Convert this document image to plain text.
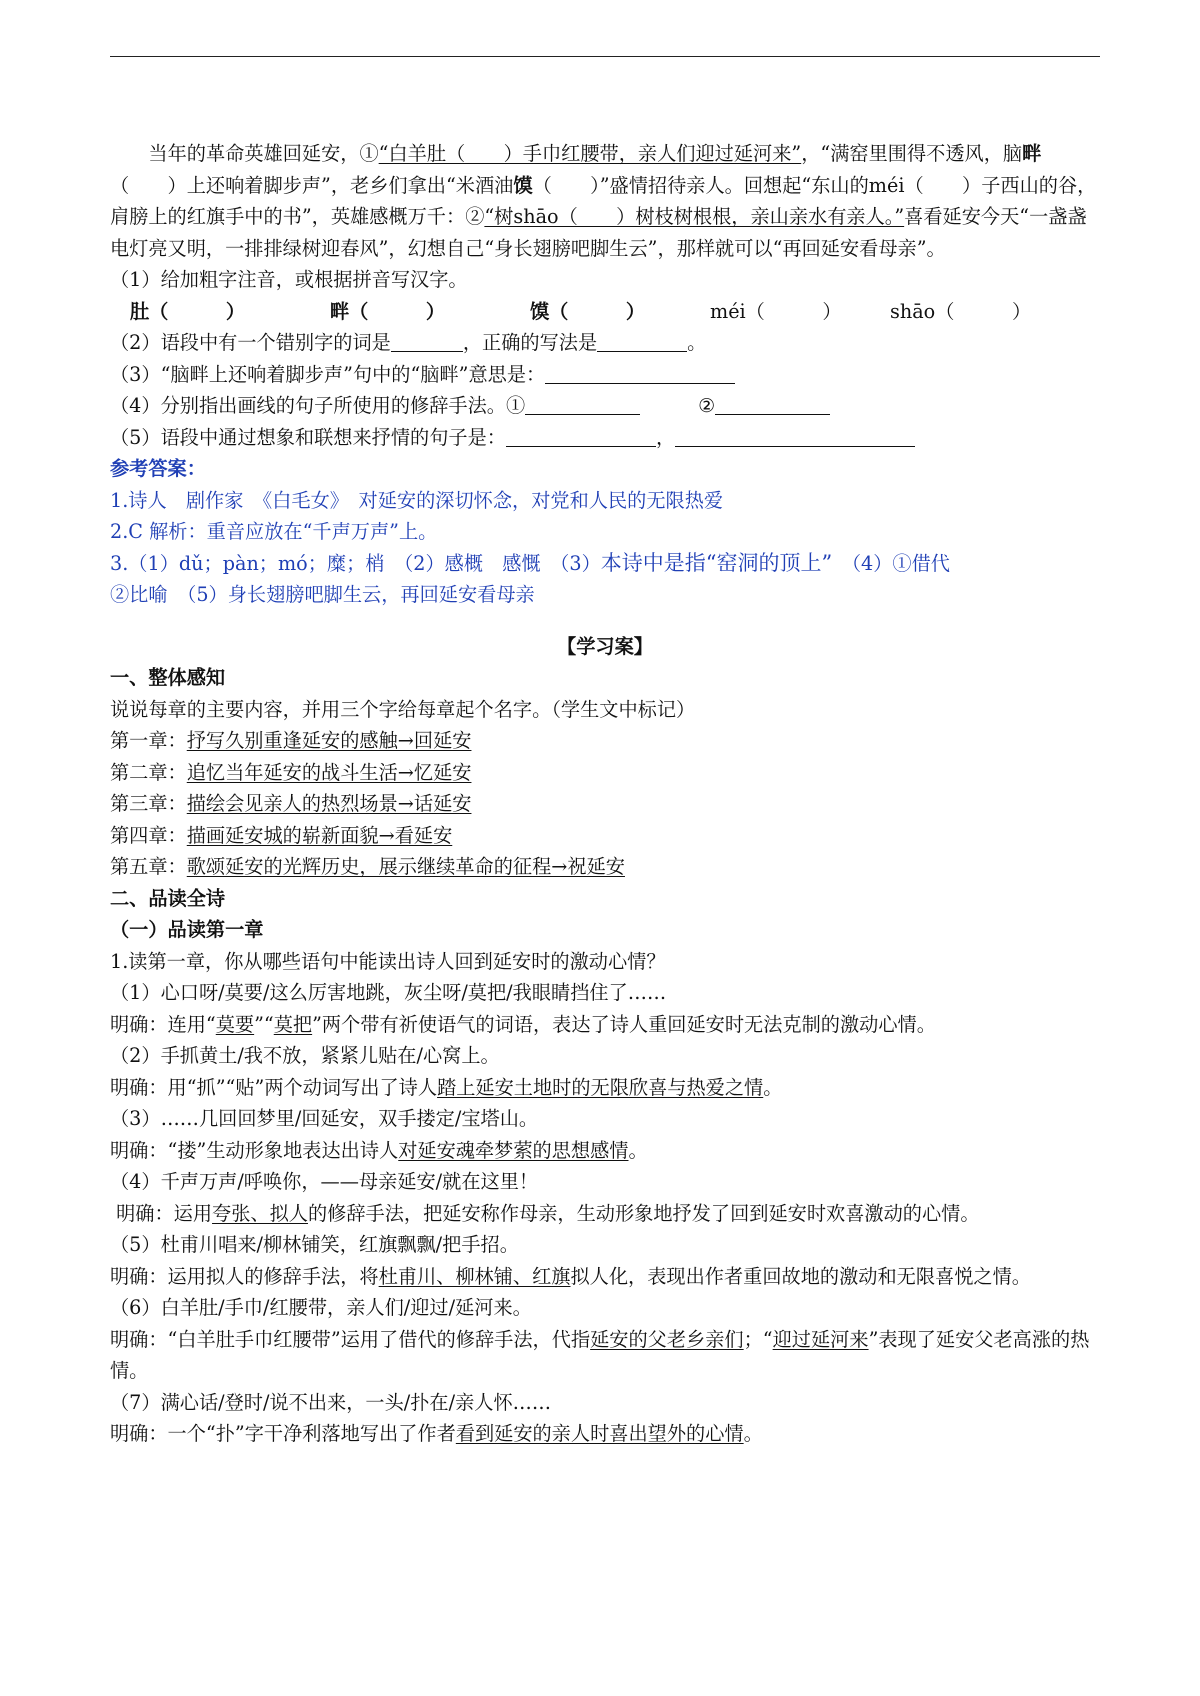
当年的革命英雄回延安，①“白羊肚（　　）手巾红腰带，亲人们迎过延河来”，“满窑里围得不透风，脑畔（　　）上还响着脚步声”，老乡们拿出“米酒油馍（　　）”盛情招待亲人。回想起“东山的méi（　　）子西山的谷，肩膀上的红旗手中的书”，英雄感概万千：②“树shāo（　　）树枝树根根，亲山亲水有亲人。”喜看延安今天“一盏盏电灯亮又明，一排排绿树迎春风”，幻想自己“身长翅膀吧脚生云”，那样就可以“再回延安看母亲”。

（1）给加粗字注音，或根据拼音写汉字。

肚（　　　）	畔（　　　）	馍（　　　）	méi（　　　）	shāo（　　　）

（2）语段中有一个错别字的词是	，正确的写法是	。

（3）“脑畔上还响着脚步声”句中的“脑畔”意思是：

（4）分别指出画线的句子所使用的修辞手法。①	②

（5）语段中通过想象和联想来抒情的句子是：	，

参考答案：

1.诗人　剧作家　《白毛女》　对延安的深切怀念，对党和人民的无限热爱

2.C 解析：重音应放在“千声万声”上。

3.（1）dǔ；pàn；mó；糜；梢　（2）感概　感慨　（3）本诗中是指“窑洞的顶上”　（4）①借代

②比喻　（5）身长翅膀吧脚生云，再回延安看母亲

【学习案】

一、整体感知

说说每章的主要内容，并用三个字给每章起个名字。（学生文中标记）

第一章：抒写久别重逢延安的感触→回延安

第二章：追忆当年延安的战斗生活→忆延安

第三章：描绘会见亲人的热烈场景→话延安

第四章：描画延安城的崭新面貌→看延安

第五章：歌颂延安的光辉历史，展示继续革命的征程→祝延安

二、品读全诗

（一）品读第一章

1.读第一章，你从哪些语句中能读出诗人回到延安时的激动心情？

（1）心口呀/莫要/这么厉害地跳，灰尘呀/莫把/我眼睛挡住了……

明确：连用“莫要”“莫把”两个带有祈使语气的词语，表达了诗人重回延安时无法克制的激动心情。

（2）手抓黄土/我不放，紧紧儿贴在/心窝上。

明确：用“抓”“贴”两个动词写出了诗人踏上延安土地时的无限欣喜与热爱之情。

（3）……几回回梦里/回延安，双手搂定/宝塔山。

明确：“搂”生动形象地表达出诗人对延安魂牵梦萦的思想感情。

（4）千声万声/呼唤你，——母亲延安/就在这里！

明确：运用夸张、拟人的修辞手法，把延安称作母亲，生动形象地抒发了回到延安时欢喜激动的心情。

（5）杜甫川唱来/柳林铺笑，红旗飘飘/把手招。

明确：运用拟人的修辞手法，将杜甫川、柳林铺、红旗拟人化，表现出作者重回故地的激动和无限喜悦之情。

（6）白羊肚/手巾/红腰带，亲人们/迎过/延河来。

明确：“白羊肚手巾红腰带”运用了借代的修辞手法，代指延安的父老乡亲们；“迎过延河来”表现了延安父老高涨的热情。

（7）满心话/登时/说不出来，一头/扑在/亲人怀……

明确：一个“扑”字干净利落地写出了作者看到延安的亲人时喜出望外的心情。
